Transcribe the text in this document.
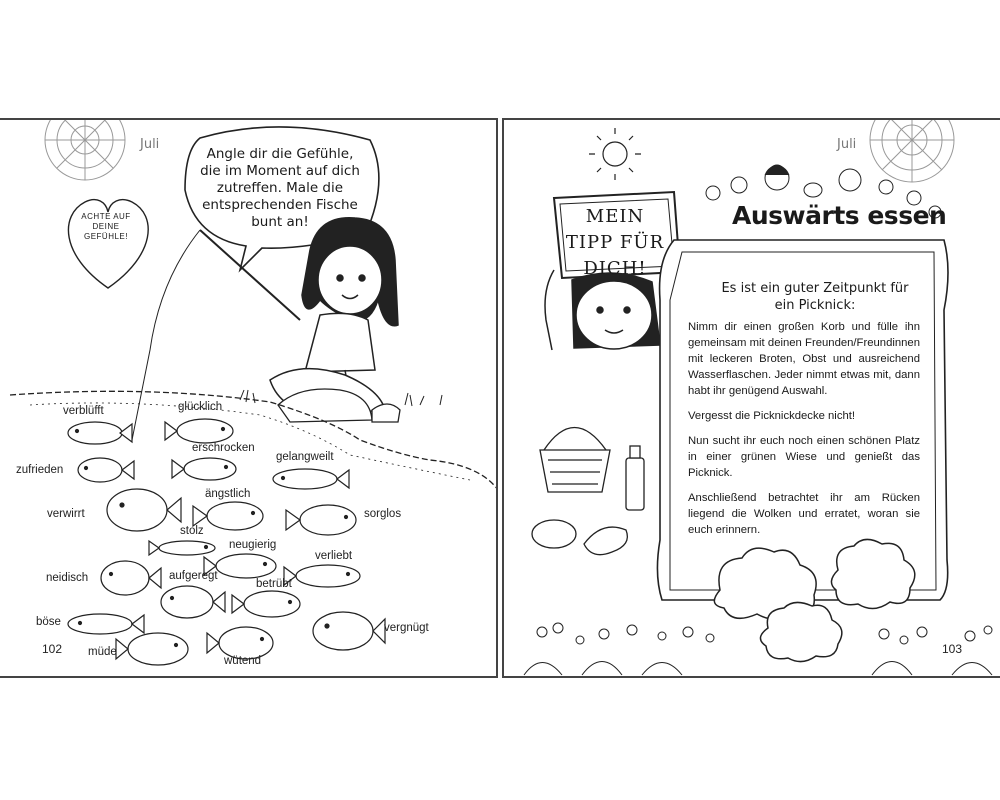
Juli
Angle dir die Gefühle, die im Moment auf dich zutreffen. Male die entsprechenden Fische bunt an!
ACHTE AUF DEINE GEFÜHLE!
verblüfft	glücklich
erschrocken
zufrieden
gelangweilt
ängstlich
verwirrt	sorglos
stolz
neugierig
verliebt
neidisch	aufgeregt
betrübt
böse	vergnügt
müde
wütend
102
Juli
Auswärts essen
MEIN TIPP FÜR DICH!
Es ist ein guter Zeitpunkt für ein Picknick:

Nimm dir einen großen Korb und fülle ihn gemeinsam mit deinen Freunden/Freundinnen mit leckeren Broten, Obst und ausreichend Wasserflaschen. Jeder nimmt etwas mit, dann habt ihr genügend Auswahl.

Vergesst die Picknickdecke nicht!

Nun sucht ihr euch noch einen schönen Platz in einer grünen Wiese und genießt das Picknick.

Anschließend betrachtet ihr am Rücken liegend die Wolken und erratet, woran sie euch erinnern.

103
